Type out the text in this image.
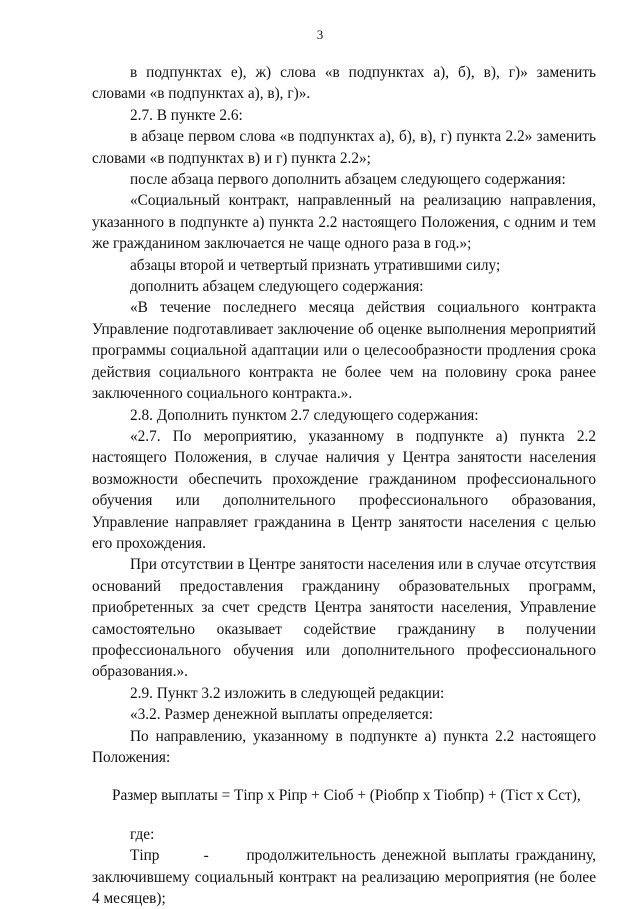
3

в подпунктах е), ж) слова «в подпунктах а), б), в), г)» заменить словами «в подпунктах а), в), г)».

2.7. В пункте 2.6:

в абзаце первом слова «в подпунктах а), б), в), г) пункта 2.2» заменить словами «в подпунктах в) и г) пункта 2.2»;

после абзаца первого дополнить абзацем следующего содержания:

«Социальный контракт, направленный на реализацию направления, указанного в подпункте а) пункта 2.2 настоящего Положения, с одним и тем же гражданином заключается не чаще одного раза в год.»;

абзацы второй и четвертый признать утратившими силу;

дополнить абзацем следующего содержания:

«В течение последнего месяца действия социального контракта Управление подготавливает заключение об оценке выполнения мероприятий программы социальной адаптации или о целесообразности продления срока действия социального контракта не более чем на половину срока ранее заключенного социального контракта.».

2.8. Дополнить пунктом 2.7 следующего содержания:

«2.7. По мероприятию, указанному в подпункте а) пункта 2.2 настоящего Положения, в случае наличия у Центра занятости населения возможности обеспечить прохождение гражданином профессионального обучения или дополнительного профессионального образования, Управление направляет гражданина в Центр занятости населения с целью его прохождения.

При отсутствии в Центре занятости населения или в случае отсутствия оснований предоставления гражданину образовательных программ, приобретенных за счет средств Центра занятости населения, Управление самостоятельно оказывает содействие гражданину в получении профессионального обучения или дополнительного профессионального образования.».

2.9. Пункт 3.2 изложить в следующей редакции:

«3.2. Размер денежной выплаты определяется:

По направлению, указанному в подпункте а) пункта 2.2 настоящего Положения:

Размер выплаты = Тіпр х Ріпр + Сіоб + (Ріобпр х Тіобпр) + (Тіст х Сст),

где:

Тіпр	- продолжительность денежной выплаты гражданину, заключившему социальный контракт на реализацию мероприятия (не более 4 месяцев);
